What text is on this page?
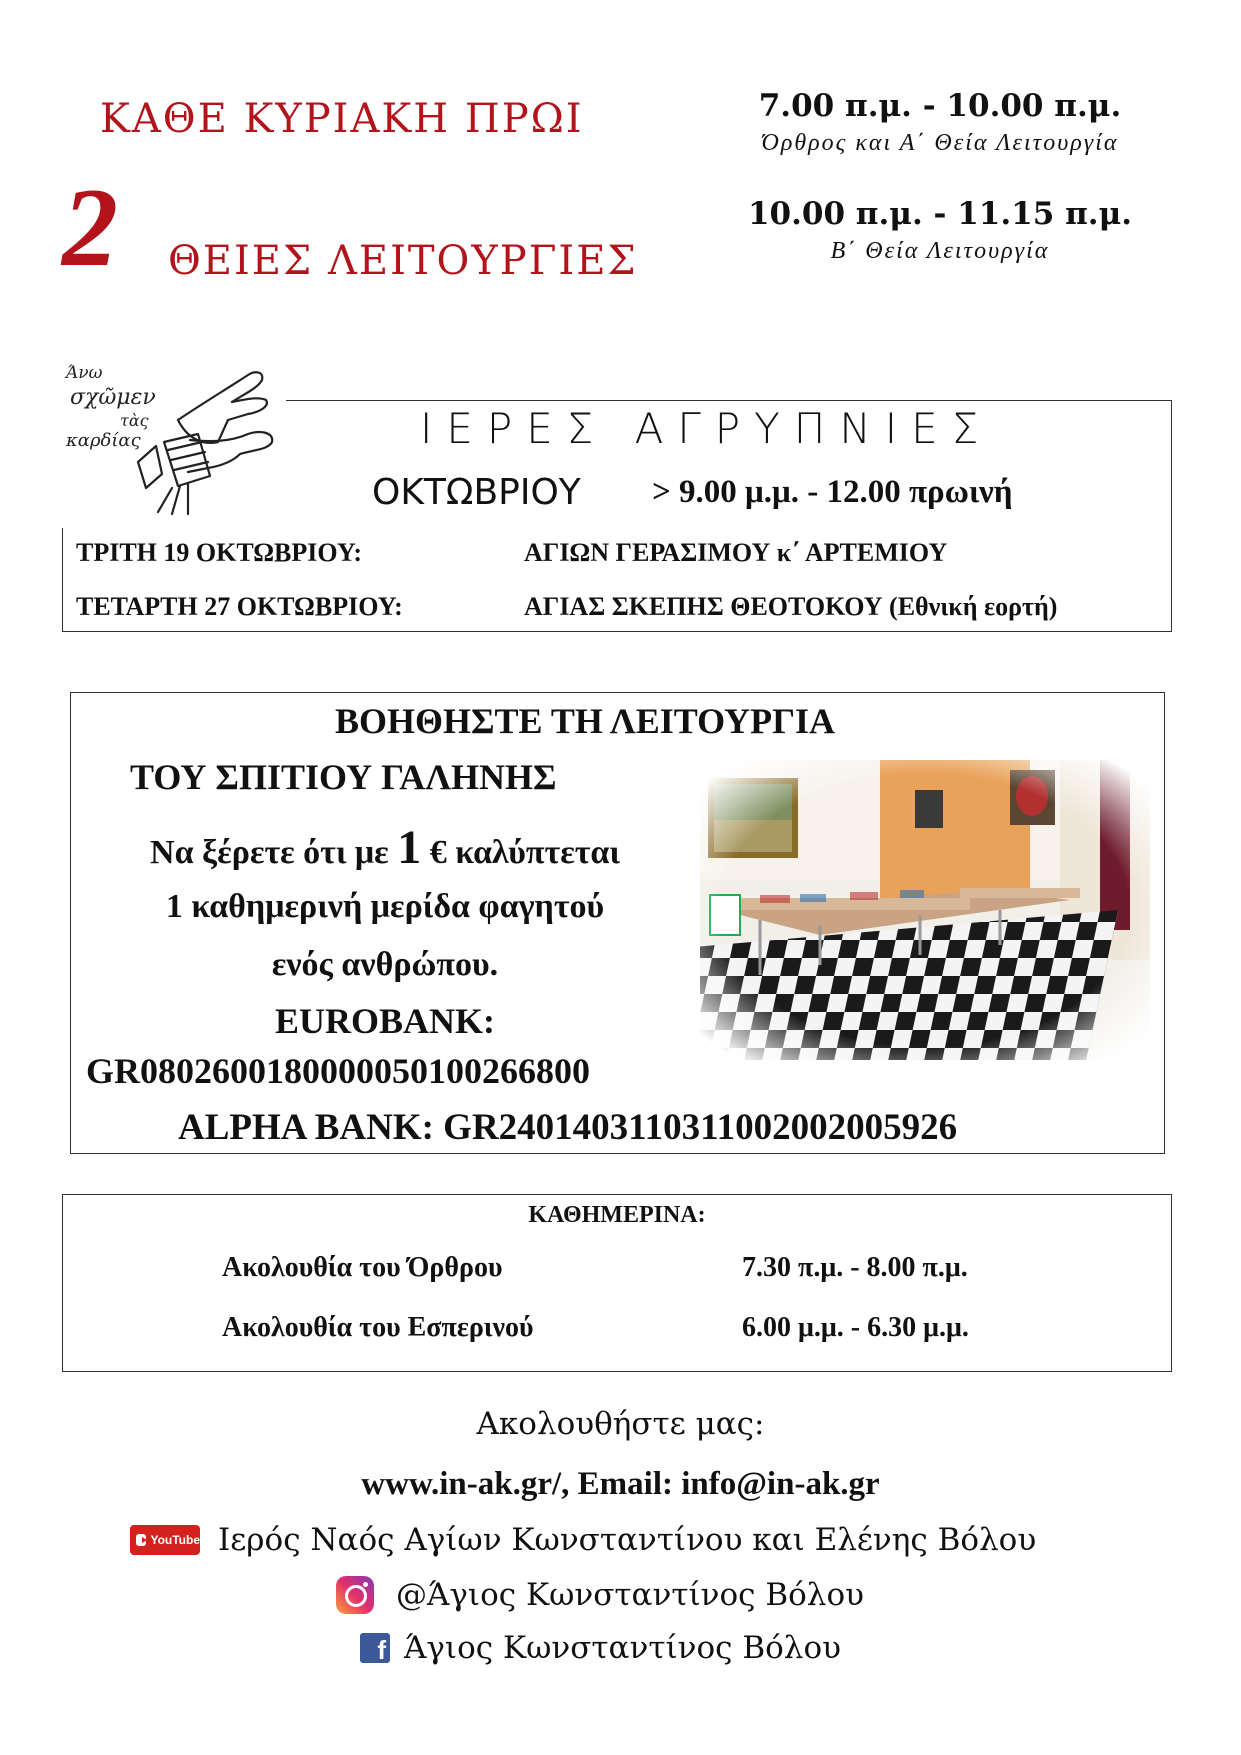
ΚΑΘΕ ΚΥΡΙΑΚΗ ΠΡΩΙ
2 ΘΕΙΕΣ ΛΕΙΤΟΥΡΓΙΕΣ
7.00 π.μ. - 10.00 π.μ.
Όρθρος και Α΄ Θεία Λειτουργία
10.00 π.μ. - 11.15 π.μ.
Β΄ Θεία Λειτουργία
Άνω
σχῶμεν
τὰς
καρδίας	ΙΕΡΕΣ ΑΓΡΥΠΝΙΕΣ
ΟΚΤΩΒΡΙΟΥ > 9.00 μ.μ. - 12.00 πρωινή
ΤΡΙΤΗ 19 ΟΚΤΩΒΡΙΟΥ:	ΑΓΙΩΝ ΓΕΡΑΣΙΜΟΥ κ΄ ΑΡΤΕΜΙΟΥ
ΤΕΤΑΡΤΗ 27 ΟΚΤΩΒΡΙΟΥ:	ΑΓΙΑΣ ΣΚΕΠΗΣ ΘΕΟΤΟΚΟΥ (Εθνική εορτή)
ΒΟΗΘΗΣΤΕ ΤΗ ΛΕΙΤΟΥΡΓΙΑ
ΤΟΥ ΣΠΙΤΙΟΥ ΓΑΛΗΝΗΣ
Να ξέρετε ότι με 1 € καλύπτεται
1 καθημερινή μερίδα φαγητού
ενός ανθρώπου.
EUROBANK:
GR0802600180000050100266800
ALPHA BANK: GR2401403110311002002005926
ΚΑΘΗΜΕΡΙΝΑ:
Ακολουθία του Όρθρου	7.30 π.μ. - 8.00 π.μ.
Ακολουθία του Εσπερινού	6.00 μ.μ. - 6.30 μ.μ.
Ακολουθήστε μας:
www.in-ak.gr/, Email: info@in-ak.gr
YouTube Ιερός Ναός Αγίων Κωνσταντίνου και Ελένης Βόλου
@Άγιος Κωνσταντίνος Βόλου
f Άγιος Κωνσταντίνος Βόλου
